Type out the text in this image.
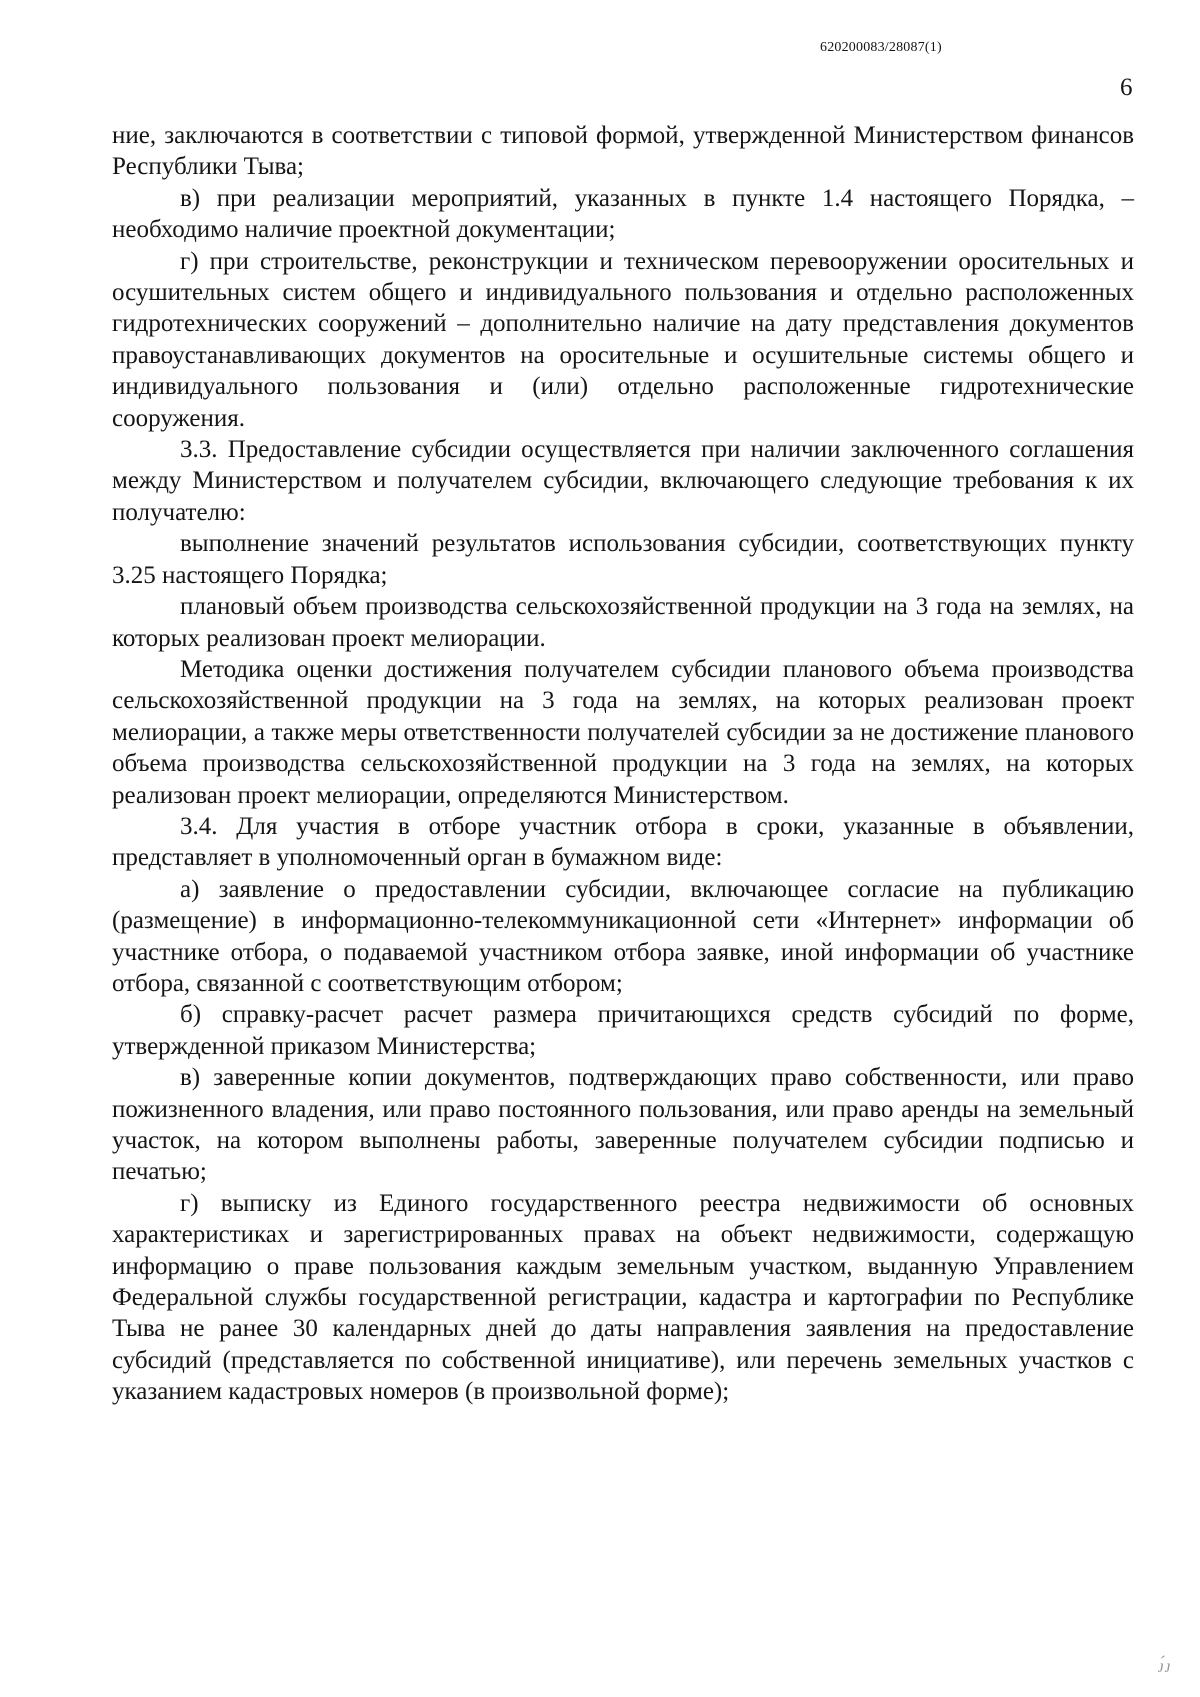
620200083/28087(1)
6

ние, заключаются в соответствии с типовой формой, утвержденной Министерством финансов Республики Тыва;

в) при реализации мероприятий, указанных в пункте 1.4 настоящего Порядка, – необходимо наличие проектной документации;

г) при строительстве, реконструкции и техническом перевооружении оросительных и осушительных систем общего и индивидуального пользования и отдельно расположенных гидротехнических сооружений – дополнительно наличие на дату представления документов правоустанавливающих документов на оросительные и осушительные системы общего и индивидуального пользования и (или) отдельно расположенные гидротехнические сооружения.

3.3. Предоставление субсидии осуществляется при наличии заключенного соглашения между Министерством и получателем субсидии, включающего следующие требования к их получателю:

выполнение значений результатов использования субсидии, соответствующих пункту 3.25 настоящего Порядка;

плановый объем производства сельскохозяйственной продукции на 3 года на землях, на которых реализован проект мелиорации.

Методика оценки достижения получателем субсидии планового объема производства сельскохозяйственной продукции на 3 года на землях, на которых реализован проект мелиорации, а также меры ответственности получателей субсидии за не достижение планового объема производства сельскохозяйственной продукции на 3 года на землях, на которых реализован проект мелиорации, определяются Министерством.

3.4. Для участия в отборе участник отбора в сроки, указанные в объявлении, представляет в уполномоченный орган в бумажном виде:

а) заявление о предоставлении субсидии, включающее согласие на публикацию (размещение) в информационно-телекоммуникационной сети «Интернет» информации об участнике отбора, о подаваемой участником отбора заявке, иной информации об участнике отбора, связанной с соответствующим отбором;

б) справку-расчет расчет размера причитающихся средств субсидий по форме, утвержденной приказом Министерства;

в) заверенные копии документов, подтверждающих право собственности, или право пожизненного владения, или право постоянного пользования, или право аренды на земельный участок, на котором выполнены работы, заверенные получателем субсидии подписью и печатью;

г) выписку из Единого государственного реестра недвижимости об основных характеристиках и зарегистрированных правах на объект недвижимости, содержащую информацию о праве пользования каждым земельным участком, выданную Управлением Федеральной службы государственной регистрации, кадастра и картографии по Республике Тыва не ранее 30 календарных дней до даты направления заявления на предоставление субсидий (представляется по собственной инициативе), или перечень земельных участков с указанием кадастровых номеров (в произвольной форме);

ᴊ́ᴊ
